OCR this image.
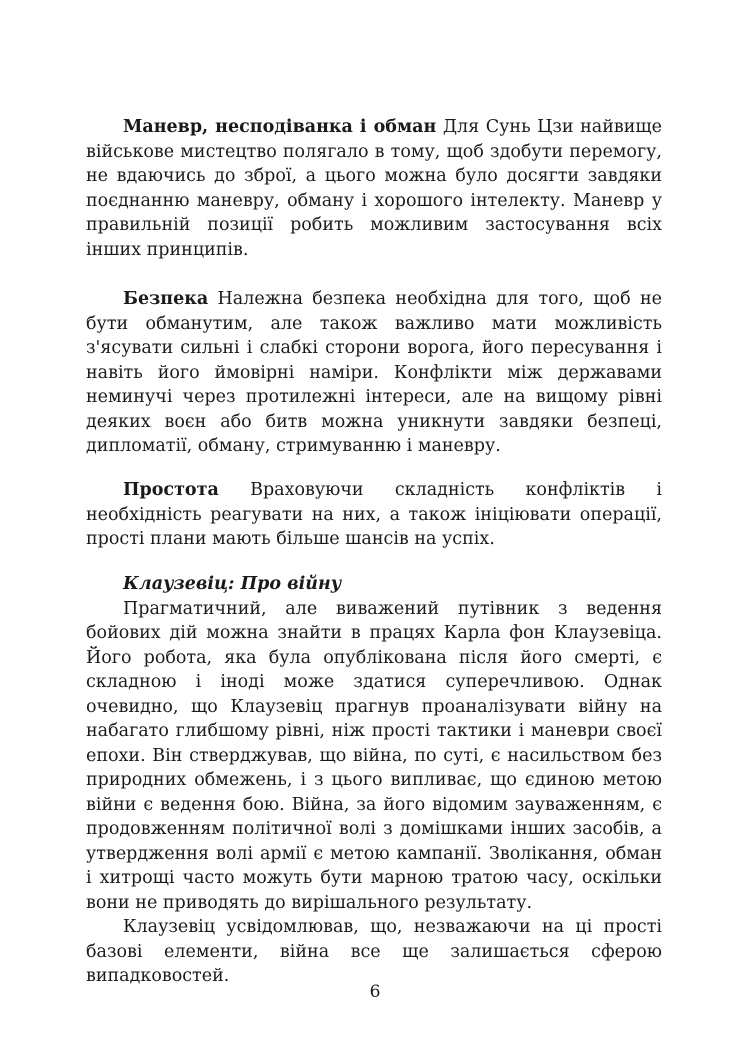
Маневр, несподіванка і обман Для Сунь Цзи найвище військове мистецтво полягало в тому, щоб здобути перемогу, не вдаючись до зброї, а цього можна було досягти завдяки поєднанню маневру, обману і хорошого інтелекту. Маневр у правильній позиції робить можливим застосування всіх інших принципів.

Безпека Належна безпека необхідна для того, щоб не бути обманутим, але також важливо мати можливість з'ясувати сильні і слабкі сторони ворога, його пересування і навіть його ймовірні наміри. Конфлікти між державами неминучі через протилежні інтереси, але на вищому рівні деяких воєн або битв можна уникнути завдяки безпеці, дипломатії, обману, стримуванню і маневру.

Простота Враховуючи складність конфліктів і необхідність реагувати на них, а також ініціювати операції, прості плани мають більше шансів на успіх.

Клаузевіц: Про війну

Прагматичний, але виважений путівник з ведення бойових дій можна знайти в працях Карла фон Клаузевіца. Його робота, яка була опублікована після його смерті, є складною і іноді може здатися суперечливою. Однак очевидно, що Клаузевіц прагнув проаналізувати війну на набагато глибшому рівні, ніж прості тактики і маневри своєї епохи. Він стверджував, що війна, по суті, є насильством без природних обмежень, і з цього випливає, що єдиною метою війни є ведення бою. Війна, за його відомим зауваженням, є продовженням політичної волі з домішками інших засобів, а утвердження волі армії є метою кампанії. Зволікання, обман і хитрощі часто можуть бути марною тратою часу, оскільки вони не приводять до вирішального результату.

Клаузевіц усвідомлював, що, незважаючи на ці прості базові елементи, війна все ще залишається сферою випадковостей.

6
